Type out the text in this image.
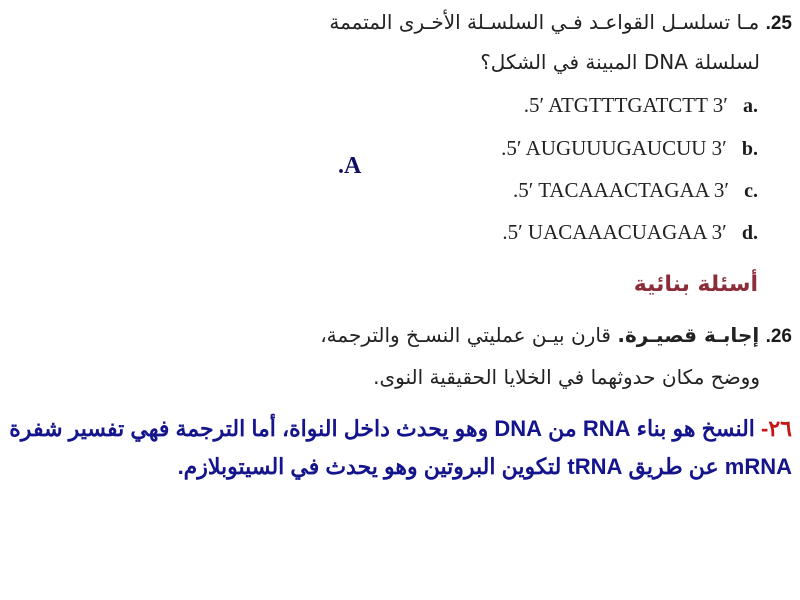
25. مـا تسلسـل القواعـد فـي السلسـلة الأخـرى المتممة
لسلسلة DNA المبينة في الشكل؟
.5′ ATGTTTGATCTT 3′ a.
.5′ AUGUUUGAUCUU 3′ b.
.5′ TACAAACTAGAA 3′ c.
.5′ UACAAACUAGAA 3′ d.
.A
أسئلة بنائية
26. إجابـة قصيـرة. قارن بيـن عمليتي النسـخ والترجمة،
ووضح مكان حدوثهما في الخلايا الحقيقية النوى.
٢٦- النسخ هو بناء RNA من DNA وهو يحدث داخل النواة، أما الترجمة فهي تفسير شفرة mRNA عن طريق tRNA لتكوين البروتين وهو يحدث في السيتوبلازم.
